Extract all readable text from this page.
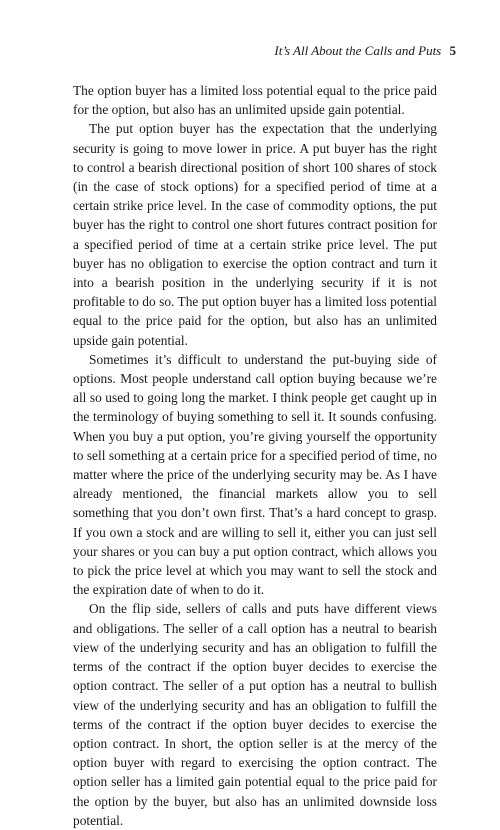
It’s All About the Calls and Puts 5

The option buyer has a limited loss potential equal to the price paid for the option, but also has an unlimited upside gain potential.

The put option buyer has the expectation that the underlying security is going to move lower in price. A put buyer has the right to control a bearish directional position of short 100 shares of stock (in the case of stock options) for a specified period of time at a certain strike price level. In the case of commodity options, the put buyer has the right to control one short futures contract position for a specified period of time at a certain strike price level. The put buyer has no obligation to exercise the option contract and turn it into a bearish position in the underlying security if it is not profitable to do so. The put option buyer has a limited loss potential equal to the price paid for the option, but also has an unlimited upside gain potential.

Sometimes it’s difficult to understand the put-buying side of options. Most people understand call option buying because we’re all so used to going long the market. I think people get caught up in the terminology of buying something to sell it. It sounds confusing. When you buy a put option, you’re giving yourself the opportunity to sell something at a certain price for a specified period of time, no matter where the price of the underlying security may be. As I have already mentioned, the financial markets allow you to sell something that you don’t own first. That’s a hard concept to grasp. If you own a stock and are willing to sell it, either you can just sell your shares or you can buy a put option contract, which allows you to pick the price level at which you may want to sell the stock and the expiration date of when to do it.

On the flip side, sellers of calls and puts have different views and obligations. The seller of a call option has a neutral to bearish view of the underlying security and has an obligation to fulfill the terms of the contract if the option buyer decides to exercise the option contract. The seller of a put option has a neutral to bullish view of the underlying security and has an obligation to fulfill the terms of the contract if the option buyer decides to exercise the option contract. In short, the option seller is at the mercy of the option buyer with regard to exercising the option contract. The option seller has a limited gain potential equal to the price paid for the option by the buyer, but also has an unlimited downside loss potential.
